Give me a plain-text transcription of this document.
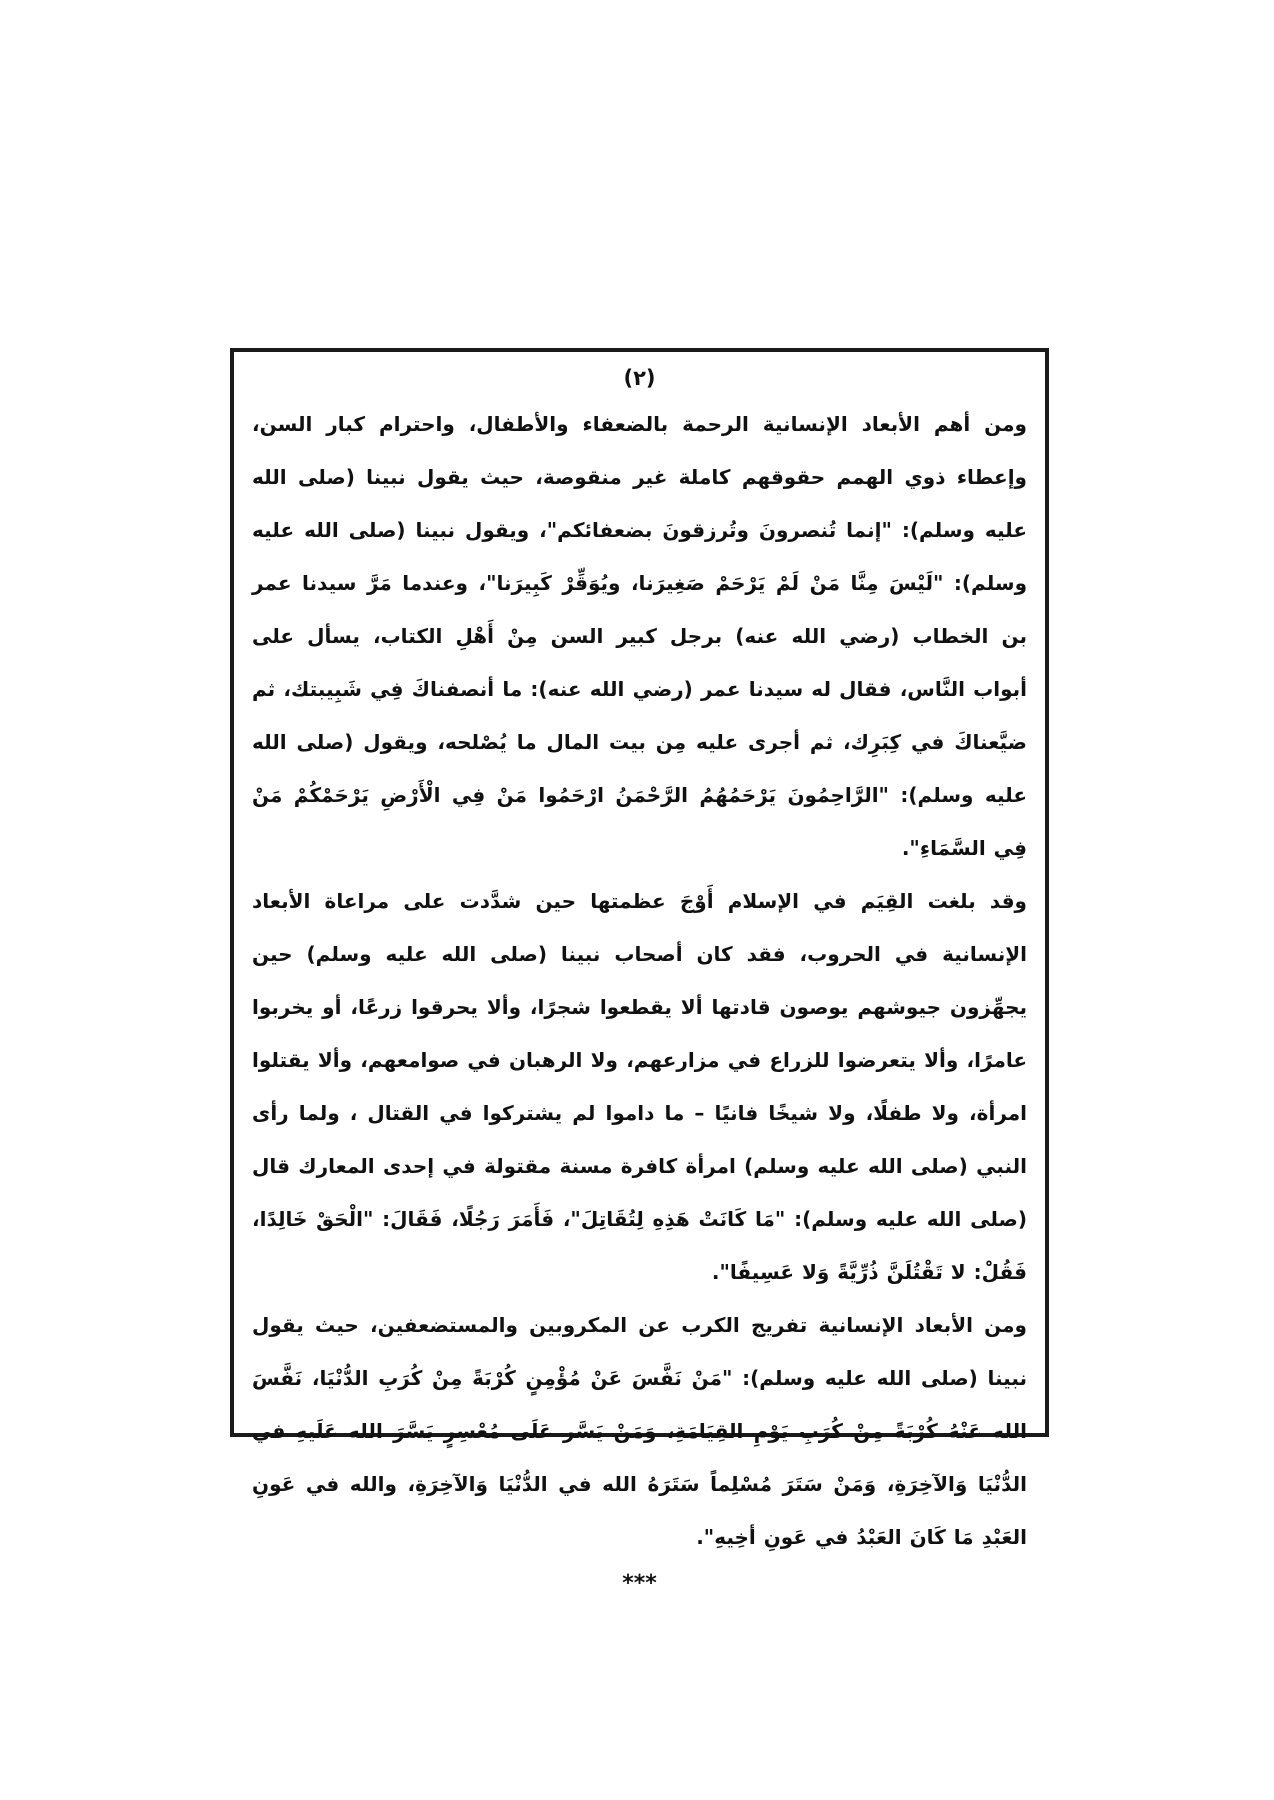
(٢)

ومن أهم الأبعاد الإنسانية الرحمة بالضعفاء والأطفال، واحترام كبار السن، وإعطاء ذوي الهمم حقوقهم كاملة غير منقوصة، حيث يقول نبينا (صلى الله عليه وسلم): "إنما تُنصرونَ وتُرزقونَ بضعفائكم"، ويقول نبينا (صلى الله عليه وسلم): "لَيْسَ مِنَّا مَنْ لَمْ يَرْحَمْ صَغِيرَنا، ويُوَقِّرْ كَبِيرَنا"، وعندما مَرَّ سيدنا عمر بن الخطاب (رضي الله عنه) برجل كبير السن مِنْ أَهْلِ الكتاب، يسأل على أبواب النَّاس، فقال له سيدنا عمر (رضي الله عنه): ما أنصفناكَ فِي شَبِيبتك، ثم ضيَّعناكَ في كِبَرِك، ثم أجرى عليه مِن بيت المال ما يُصْلحه، ويقول (صلى الله عليه وسلم): "الرَّاحِمُونَ يَرْحَمُهُمُ الرَّحْمَنُ ارْحَمُوا مَنْ فِي الْأَرْضِ يَرْحَمْكُمْ مَنْ فِي السَّمَاءِ".

وقد بلغت القِيَم في الإسلام أَوْجَ عظمتها حين شدَّدت على مراعاة الأبعاد الإنسانية في الحروب، فقد كان أصحاب نبينا (صلى الله عليه وسلم) حين يجهِّزون جيوشهم يوصون قادتها ألا يقطعوا شجرًا، وألا يحرقوا زرعًا، أو يخربوا عامرًا، وألا يتعرضوا للزراع في مزارعهم، ولا الرهبان في صوامعهم، وألا يقتلوا امرأة، ولا طفلًا، ولا شيخًا فانيًا – ما داموا لم يشتركوا في القتال ، ولما رأى النبي (صلى الله عليه وسلم) امرأة كافرة مسنة مقتولة في إحدى المعارك قال (صلى الله عليه وسلم): "مَا كَانَتْ هَذِهِ لِتُقَاتِلَ"، فَأَمَرَ رَجُلًا، فَقَالَ: "الْحَقْ خَالِدًا، فَقُلْ: لا تَقْتُلَنَّ ذُرِّيَّةً وَلا عَسِيفًا".

ومن الأبعاد الإنسانية تفريج الكرب عن المكروبين والمستضعفين، حيث يقول نبينا (صلى الله عليه وسلم): "مَنْ نَفَّسَ عَنْ مُؤْمِنٍ كُرْبَةً مِنْ كُرَبِ الدُّنْيَا، نَفَّسَ الله عَنْهُ كُرْبَةً مِنْ كُرَبِ يَوْمِ القِيَامَةِ، وَمَنْ يَسَّر عَلَى مُعْسِرٍ يَسَّرَ الله عَلَيهِ في الدُّنْيَا وَالآخِرَةِ، وَمَنْ سَتَرَ مُسْلِماً سَتَرَهُ الله في الدُّنْيَا وَالآخِرَةِ، والله في عَونِ العَبْدِ مَا كَانَ العَبْدُ في عَونِ أخِيهِ".

***
